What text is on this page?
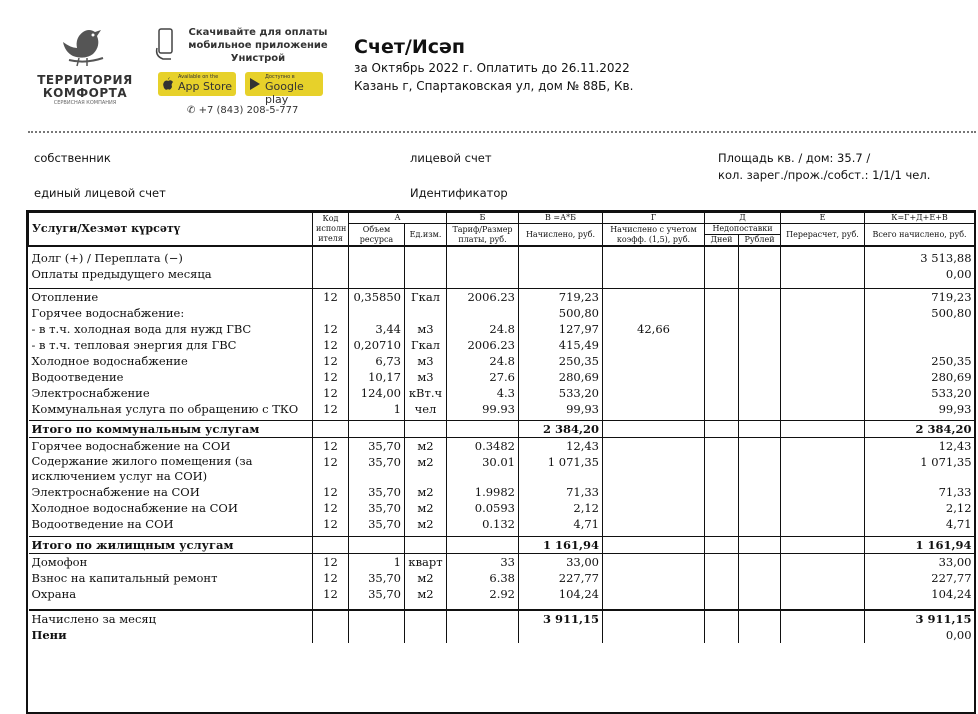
ТЕРРИТОРИЯ
КОМФОРТА
СЕРВИСНАЯ КОМПАНИЯ
Скачивайте для оплаты мобильное приложение Унистрой
Available on the
App Store
Доступно в
Google play
✆ +7 (843) 208-5-777
Счет/Исәп
за Октябрь 2022 г. Оплатить до 26.11.2022
Казань г, Спартаковская ул, дом № 88Б, Кв.
собственник	лицевой счет	Площадь кв. / дом: 35.7 /
кол. зарег./прож./собст.: 1/1/1 чел.
единый лицевой счет	Идентификатор
Услуги/Хезмәт күрсәтү	Код исполн ителя	А		Б	В =А*Б	Г	Д		Е	К=Г+Д+Е+В
		Объем ресурса	Ед.изм.	Тариф/Размер платы, руб.	Начислено, руб.	Начислено с учетом коэфф. (1,5), руб.	Недопоставки		Перерасчет, руб.	Всего начислено, руб.
							Дней	Рублей		

Долг (+) / Переплата (−)										3 513,88
Оплаты предыдущего месяца										0,00

Отопление	12	0,35850	Гкал	2006.23	719,23					719,23
Горячее водоснабжение:					500,80					500,80
- в т.ч. холодная вода для нужд ГВС	12	3,44	м3	24.8	127,97	42,66				
- в т.ч. тепловая энергия для ГВС	12	0,20710	Гкал	2006.23	415,49					
Холодное водоснабжение	12	6,73	м3	24.8	250,35					250,35
Водоотведение	12	10,17	м3	27.6	280,69					280,69
Электроснабжение	12	124,00	кВт.ч	4.3	533,20					533,20
Коммунальная услуга по обращению с ТКО	12	1	чел	99.93	99,93					99,93

Итого по коммунальным услугам					2 384,20					2 384,20
Горячее водоснабжение на СОИ	12	35,70	м2	0.3482	12,43					12,43
Содержание жилого помещения (за исключением услуг на СОИ)	12	35,70	м2	30.01	1 071,35					1 071,35
Электроснабжение на СОИ	12	35,70	м2	1.9982	71,33					71,33
Холодное водоснабжение на СОИ	12	35,70	м2	0.0593	2,12					2,12
Водоотведение на СОИ	12	35,70	м2	0.132	4,71					4,71

Итого по жилищным услугам					1 161,94					1 161,94
Домофон	12	1	кварт	33	33,00					33,00
Взнос на капитальный ремонт	12	35,70	м2	6.38	227,77					227,77
Охрана	12	35,70	м2	2.92	104,24					104,24

Начислено за месяц					3 911,15					3 911,15
Пени										0,00
